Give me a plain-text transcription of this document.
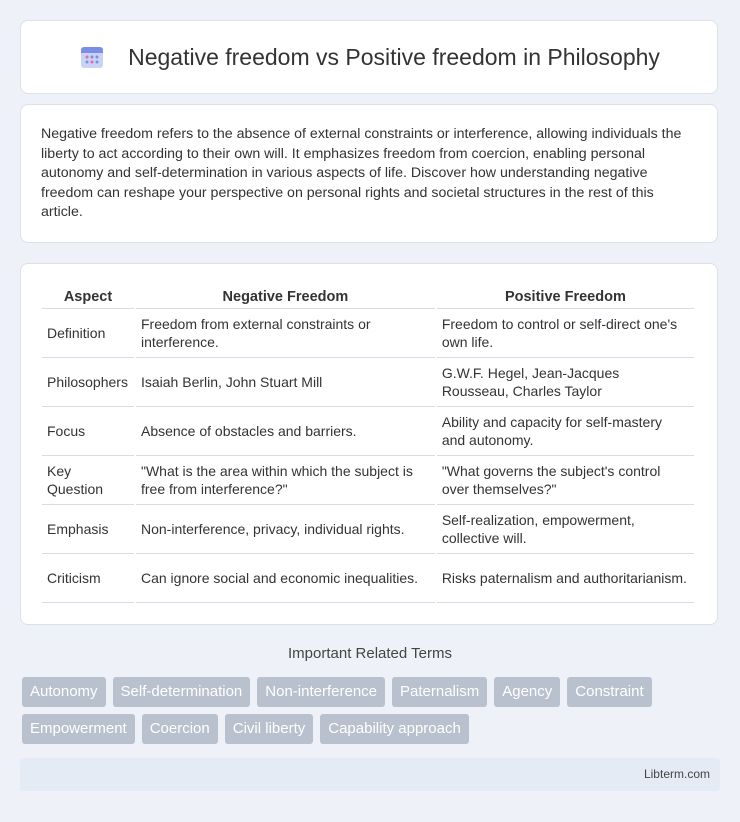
Negative freedom vs Positive freedom in Philosophy
Negative freedom refers to the absence of external constraints or interference, allowing individuals the liberty to act according to their own will. It emphasizes freedom from coercion, enabling personal autonomy and self-determination in various aspects of life. Discover how understanding negative freedom can reshape your perspective on personal rights and societal structures in the rest of this article.
Aspect	Negative Freedom	Positive Freedom
Definition	Freedom from external constraints or interference.	Freedom to control or self-direct one's own life.
Philosophers	Isaiah Berlin, John Stuart Mill	G.W.F. Hegel, Jean-Jacques Rousseau, Charles Taylor
Focus	Absence of obstacles and barriers.	Ability and capacity for self-mastery and autonomy.
Key Question	"What is the area within which the subject is free from interference?"	"What governs the subject's control over themselves?"
Emphasis	Non-interference, privacy, individual rights.	Self-realization, empowerment, collective will.
Criticism	Can ignore social and economic inequalities.	Risks paternalism and authoritarianism.
Important Related Terms
Autonomy	Self-determination	Non-interference	Paternalism	Agency	Constraint
Empowerment	Coercion	Civil liberty	Capability approach
Libterm.com
